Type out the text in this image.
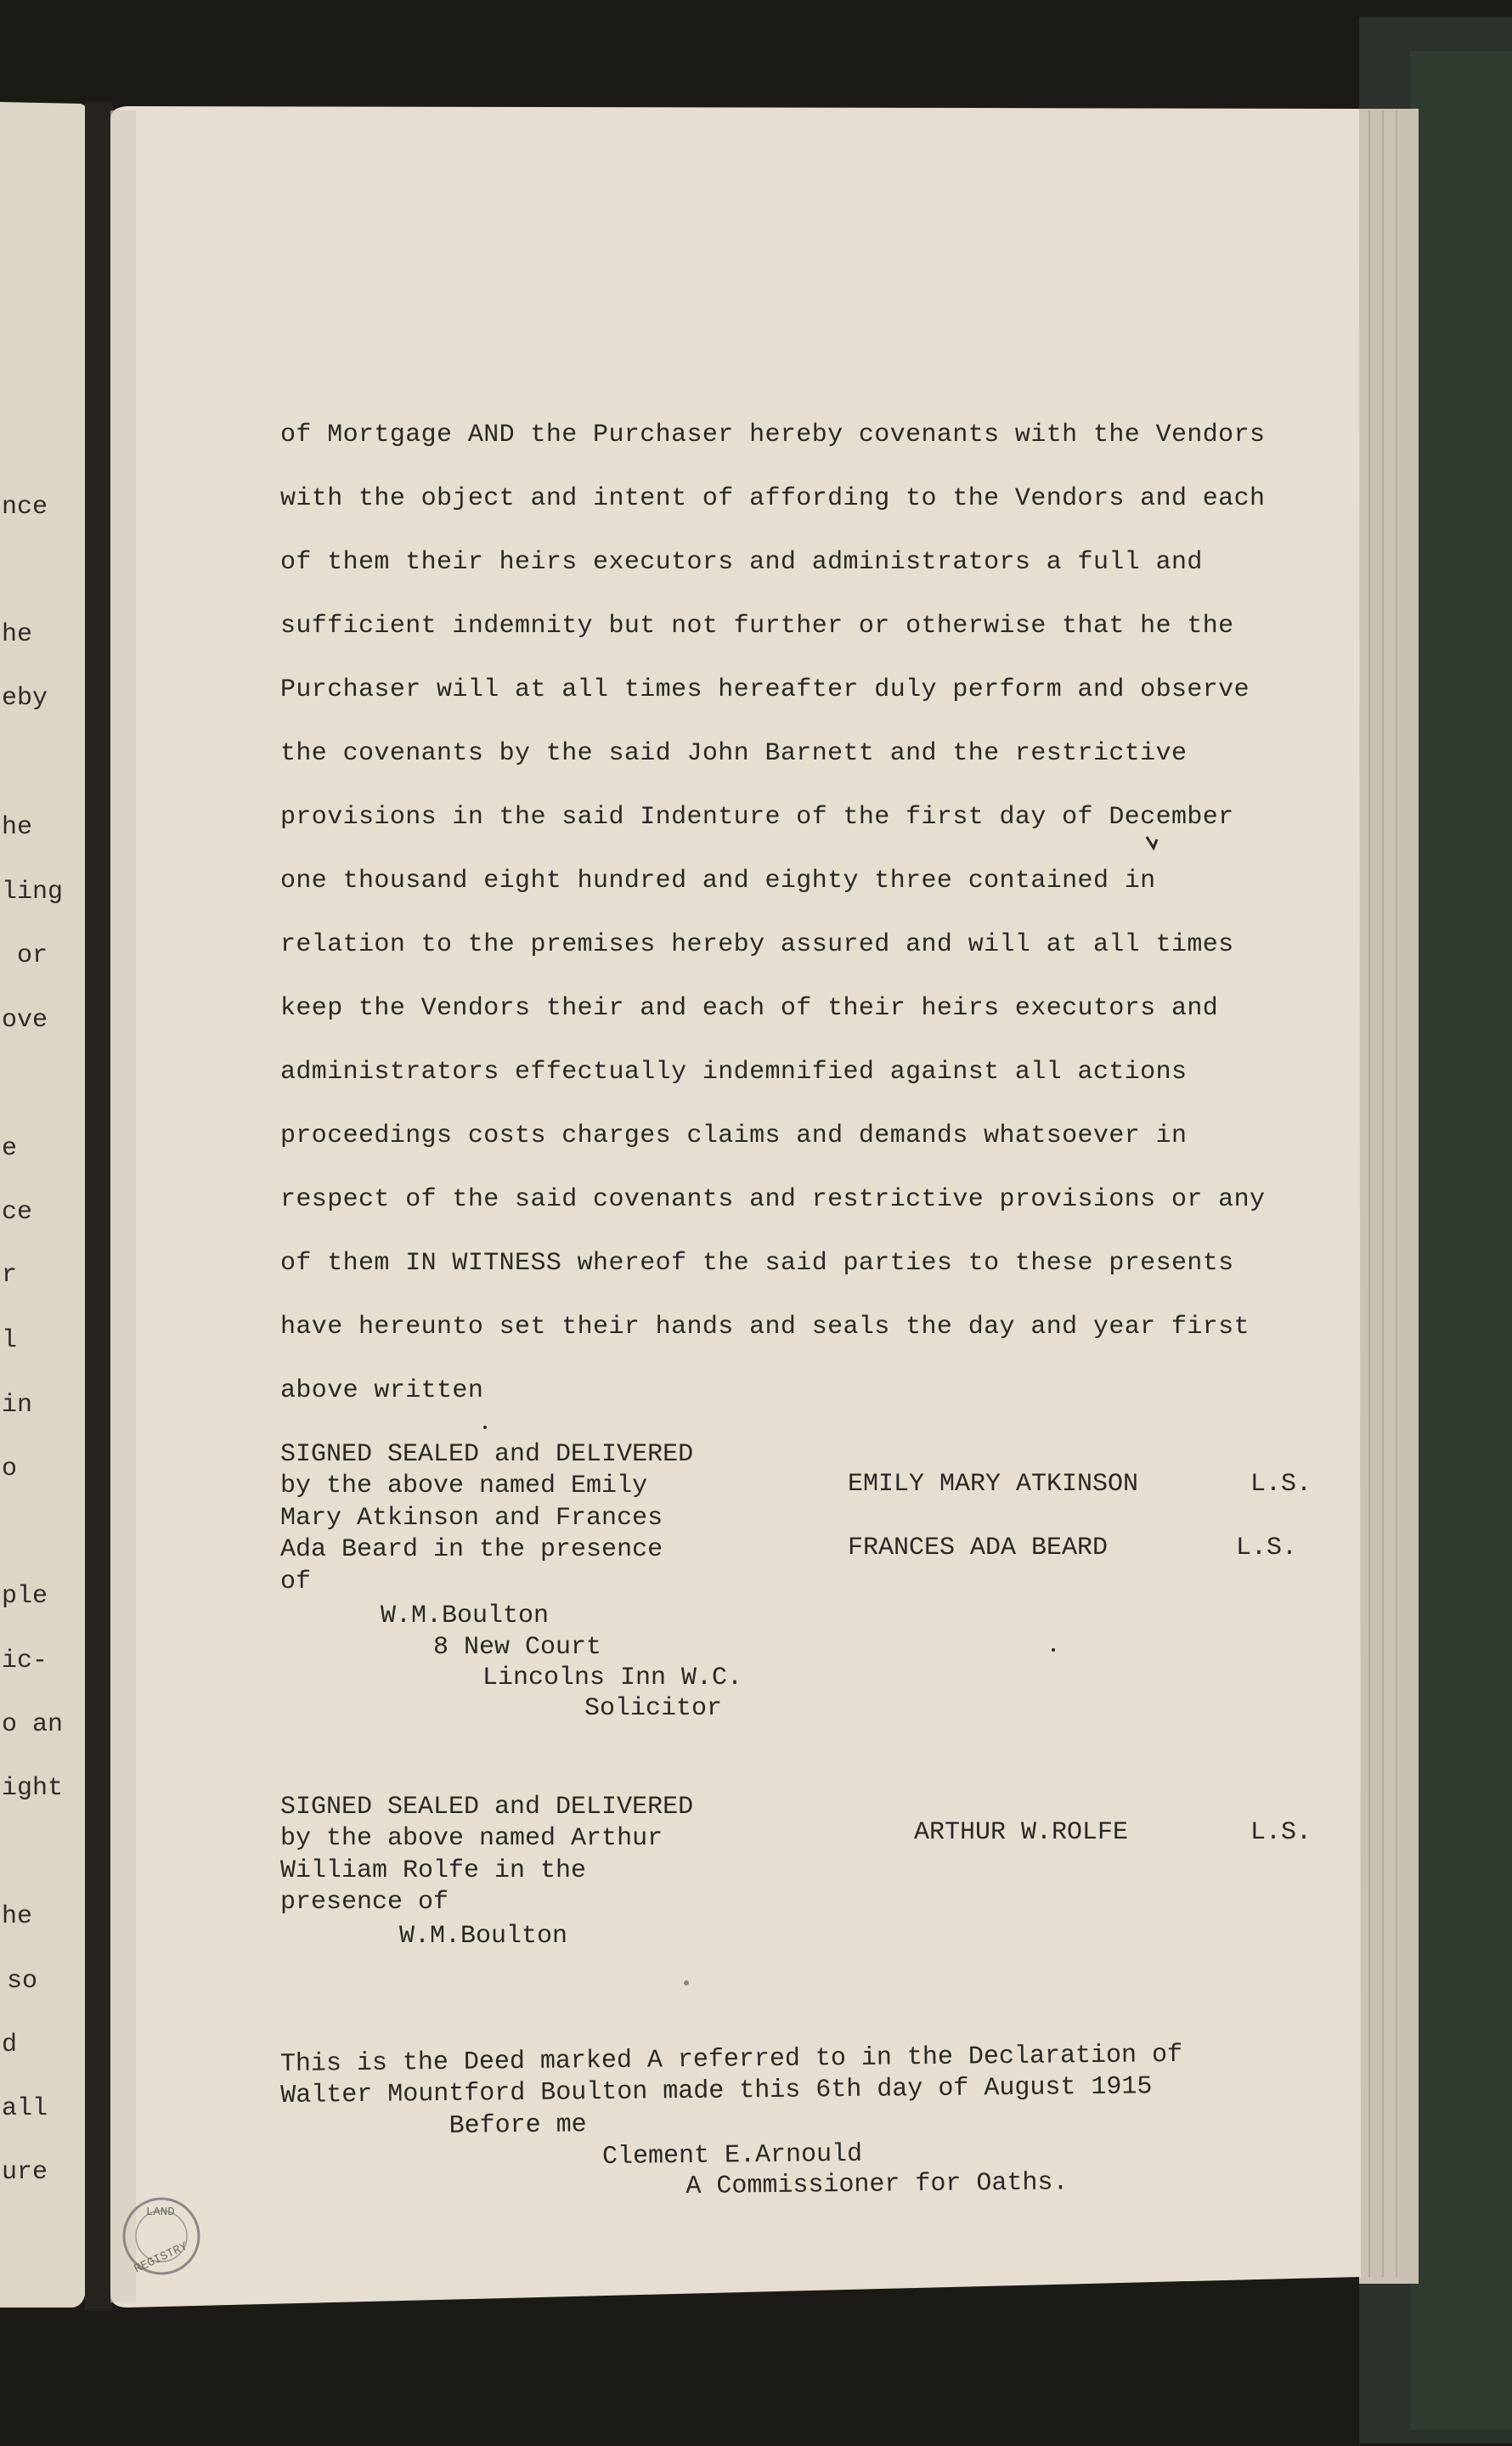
nce
he
eby
he
ling
or
ove
e
ce
r
l
in
o
ple
ic-
o an
ight
he
so
d
all
ure
of Mortgage AND the Purchaser hereby covenants with the Vendors
with the object and intent of affording to the Vendors and each
of them their heirs executors and administrators a full and
sufficient indemnity but not further or otherwise that he the
Purchaser will at all times hereafter duly perform and observe
the covenants by the said John Barnett and the restrictive
provisions in the said Indenture of the first day of December
one thousand eight hundred and eighty three contained in
relation to the premises hereby assured and will at all times
keep the Vendors their and each of their heirs executors and
administrators effectually indemnified against all actions
proceedings costs charges claims and demands whatsoever in
respect of the said covenants and restrictive provisions or any
of them IN WITNESS whereof the said parties to these presents
have hereunto set their hands and seals the day and year first
above written
SIGNED SEALED and DELIVERED
by the above named Emily
Mary Atkinson and Frances
Ada Beard in the presence
of
W.M.Boulton
8 New Court
Lincolns Inn W.C.
Solicitor
EMILY MARY ATKINSON	L.S.
FRANCES ADA BEARD	L.S.
SIGNED SEALED and DELIVERED
by the above named Arthur
William Rolfe in the
presence of
W.M.Boulton
ARTHUR W.ROLFE	L.S.
This is the Deed marked A referred to in the Declaration of
Walter Mountford Boulton made this 6th day of August 1915
Before me
Clement E.Arnould
A Commissioner for Oaths.
LAND
REGISTRY
